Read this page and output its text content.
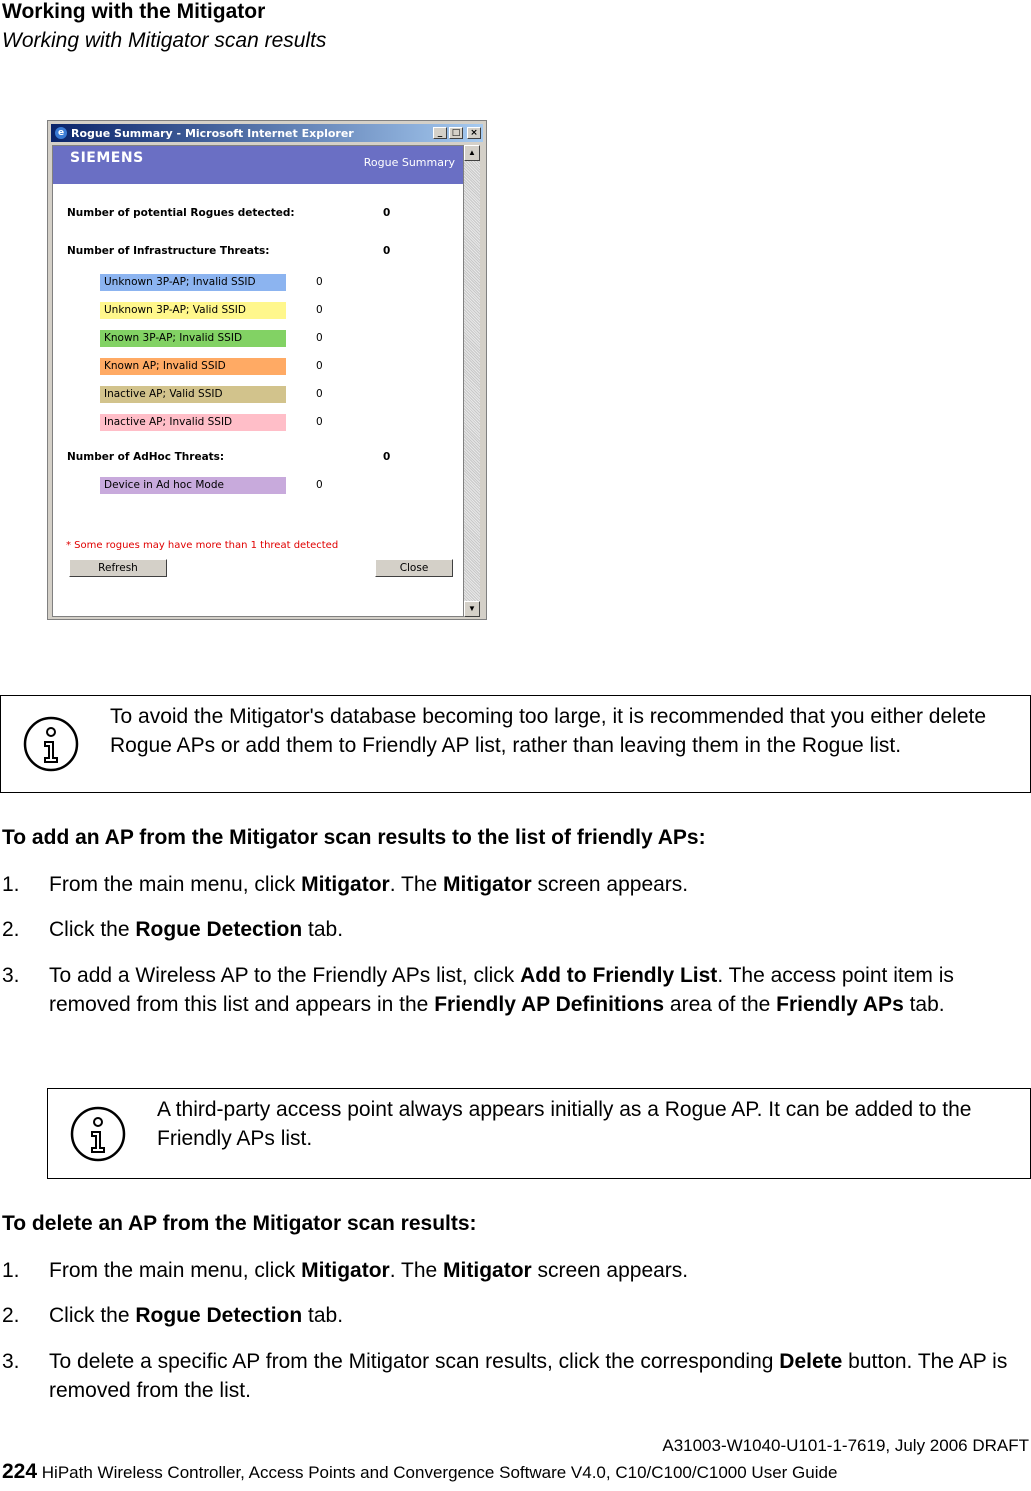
Working with the Mitigator
Working with Mitigator scan results
e Rogue Summary - Microsoft Internet Explorer	_	□	×
SIEMENS	Rogue Summary
Number of potential Rogues detected:	0
Number of Infrastructure Threats:	0
Unknown 3P-AP; Invalid SSID	0
Unknown 3P-AP; Valid SSID	0
Known 3P-AP; Invalid SSID	0
Known AP; Invalid SSID	0
Inactive AP; Valid SSID	0
Inactive AP; Invalid SSID	0
Number of AdHoc Threats:	0
Device in Ad hoc Mode	0
* Some rogues may have more than 1 threat detected
Refresh	Close
▲
▼
To avoid the Mitigator's database becoming too large, it is recommended that you either delete Rogue APs or add them to Friendly AP list, rather than leaving them in the Rogue list.
To add an AP from the Mitigator scan results to the list of friendly APs:
1. From the main menu, click Mitigator. The Mitigator screen appears.
2. Click the Rogue Detection tab.
3. To add a Wireless AP to the Friendly APs list, click Add to Friendly List. The access point item is removed from this list and appears in the Friendly AP Definitions area of the Friendly APs tab.
A third-party access point always appears initially as a Rogue AP. It can be added to the Friendly APs list.
To delete an AP from the Mitigator scan results:
1. From the main menu, click Mitigator. The Mitigator screen appears.
2. Click the Rogue Detection tab.
3. To delete a specific AP from the Mitigator scan results, click the corresponding Delete button. The AP is removed from the list.
A31003-W1040-U101-1-7619, July 2006 DRAFT
224 HiPath Wireless Controller, Access Points and Convergence Software V4.0, C10/C100/C1000 User Guide
